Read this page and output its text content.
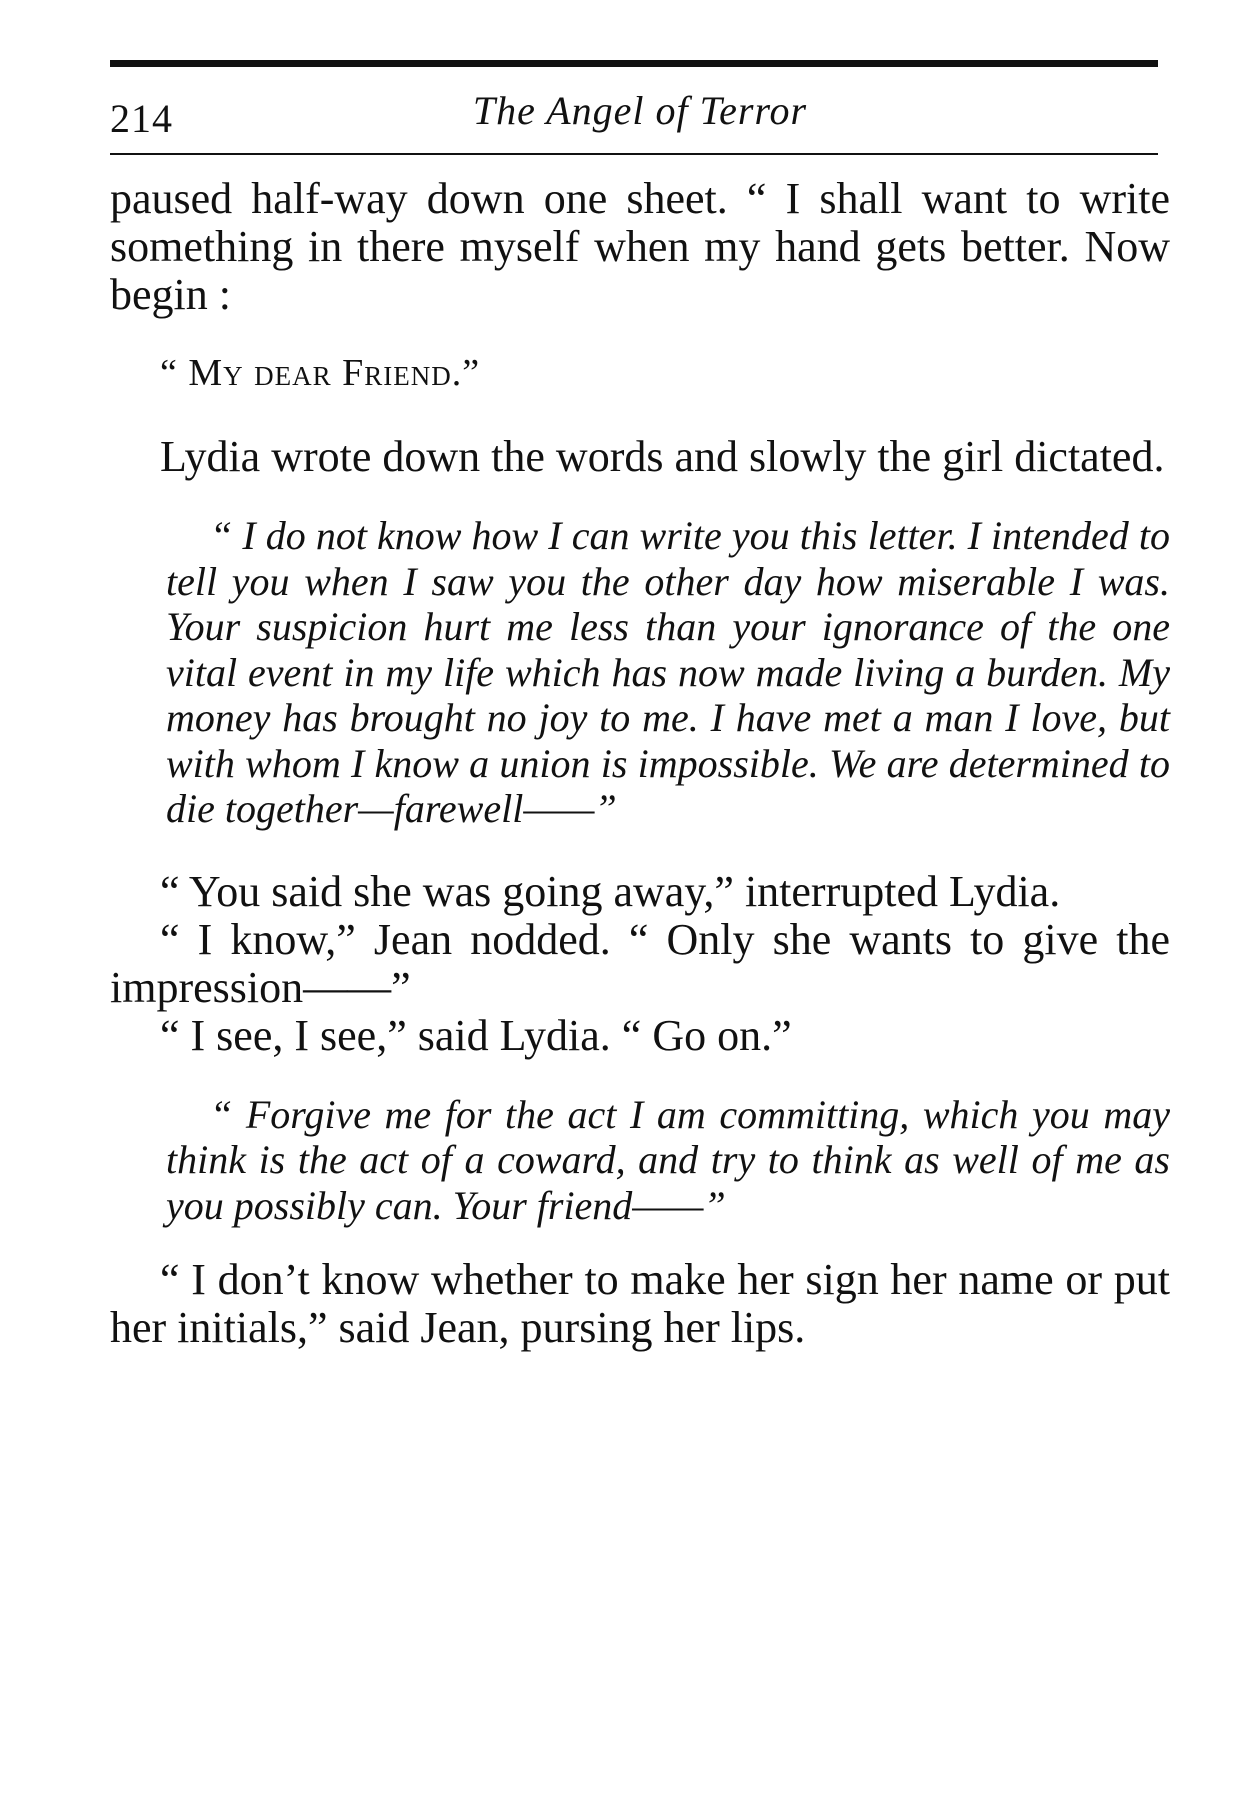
214	The Angel of Terror

paused half-way down one sheet. “ I shall want to write something in there myself when my hand gets better. Now begin :

“ My dear Friend.”

Lydia wrote down the words and slowly the girl dictated.

“ I do not know how I can write you this letter. I intended to tell you when I saw you the other day how miserable I was. Your suspicion hurt me less than your ignorance of the one vital event in my life which has now made living a burden. My money has brought no joy to me. I have met a man I love, but with whom I know a union is impossible. We are determined to die together—farewell——”

“ You said she was going away,” interrupted Lydia.

“ I know,” Jean nodded. “ Only she wants to give the impression——”

“ I see, I see,” said Lydia. “ Go on.”

“ Forgive me for the act I am committing, which you may think is the act of a coward, and try to think as well of me as you possibly can. Your friend——”

“ I don’t know whether to make her sign her name or put her initials,” said Jean, pursing her lips.
